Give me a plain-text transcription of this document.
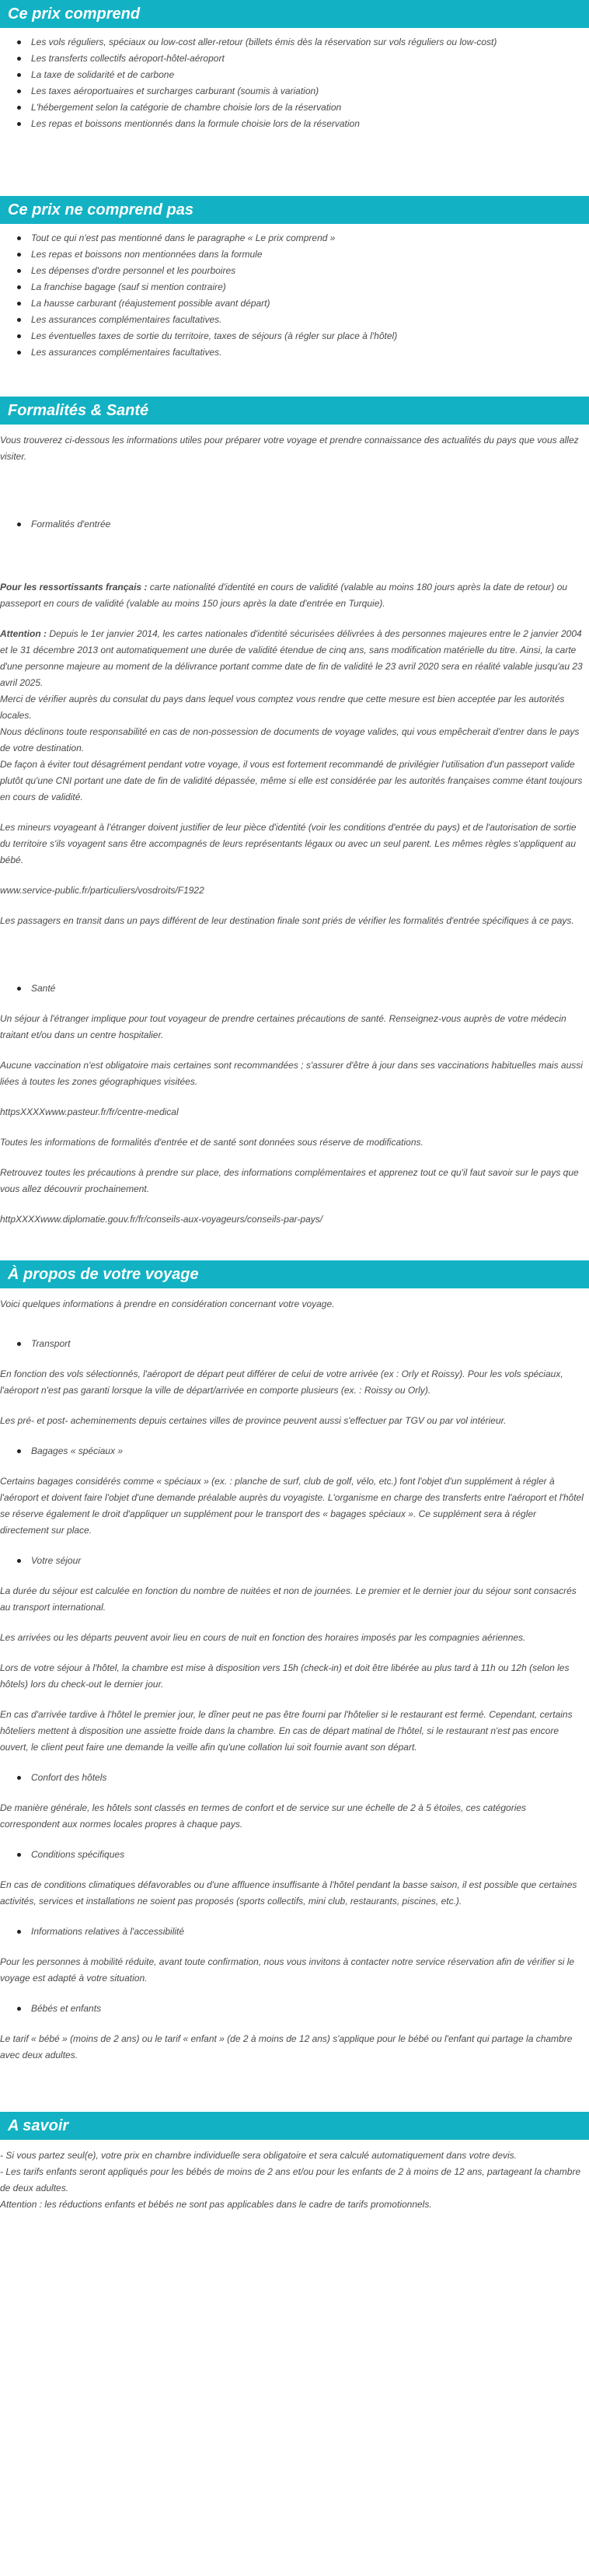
Ce prix comprend
Les vols réguliers, spéciaux ou low-cost aller-retour (billets émis dès la réservation sur vols réguliers ou low-cost)
Les transferts collectifs aéroport-hôtel-aéroport
La taxe de solidarité et de carbone
Les taxes aéroportuaires et surcharges carburant (soumis à variation)
L'hébergement selon la catégorie de chambre choisie lors de la réservation
Les repas et boissons mentionnés dans la formule choisie lors de la réservation
Ce prix ne comprend pas
Tout ce qui n'est pas mentionné dans le paragraphe « Le prix comprend »
Les repas et boissons non mentionnées dans la formule
Les dépenses d'ordre personnel et les pourboires
La franchise bagage (sauf si mention contraire)
La hausse carburant (réajustement possible avant départ)
Les assurances complémentaires facultatives.
Les éventuelles taxes de sortie du territoire, taxes de séjours (à régler sur place à l'hôtel)
Les assurances complémentaires facultatives.
Formalités & Santé

Vous trouverez ci-dessous les informations utiles pour préparer votre voyage et prendre connaissance des actualités du pays que vous allez visiter.

Formalités d'entrée

Pour les ressortissants français : carte nationalité d'identité en cours de validité (valable au moins 180 jours après la date de retour) ou passeport en cours de validité (valable au moins 150 jours après la date d'entrée en Turquie).

Attention : Depuis le 1er janvier 2014, les cartes nationales d'identité sécurisées délivrées à des personnes majeures entre le 2 janvier 2004 et le 31 décembre 2013 ont automatiquement une durée de validité étendue de cinq ans, sans modification matérielle du titre. Ainsi, la carte d'une personne majeure au moment de la délivrance portant comme date de fin de validité le 23 avril 2020 sera en réalité valable jusqu'au 23 avril 2025.
Merci de vérifier auprès du consulat du pays dans lequel vous comptez vous rendre que cette mesure est bien acceptée par les autorités locales.
Nous déclinons toute responsabilité en cas de non-possession de documents de voyage valides, qui vous empêcherait d'entrer dans le pays de votre destination.
De façon à éviter tout désagrément pendant votre voyage, il vous est fortement recommandé de privilégier l'utilisation d'un passeport valide plutôt qu'une CNI portant une date de fin de validité dépassée, même si elle est considérée par les autorités françaises comme étant toujours en cours de validité.

Les mineurs voyageant à l'étranger doivent justifier de leur pièce d'identité (voir les conditions d'entrée du pays) et de l'autorisation de sortie du territoire s'ils voyagent sans être accompagnés de leurs représentants légaux ou avec un seul parent. Les mêmes règles s'appliquent au bébé.

www.service-public.fr/particuliers/vosdroits/F1922

Les passagers en transit dans un pays différent de leur destination finale sont priés de vérifier les formalités d'entrée spécifiques à ce pays.

Santé

Un séjour à l'étranger implique pour tout voyageur de prendre certaines précautions de santé. Renseignez-vous auprès de votre médecin traitant et/ou dans un centre hospitalier.

Aucune vaccination n'est obligatoire mais certaines sont recommandées ; s'assurer d'être à jour dans ses vaccinations habituelles mais aussi liées à toutes les zones géographiques visitées.

httpsXXXXwww.pasteur.fr/fr/centre-medical

Toutes les informations de formalités d'entrée et de santé sont données sous réserve de modifications.

Retrouvez toutes les précautions à prendre sur place, des informations complémentaires et apprenez tout ce qu'il faut savoir sur le pays que vous allez découvrir prochainement.

httpXXXXwww.diplomatie.gouv.fr/fr/conseils-aux-voyageurs/conseils-par-pays/

À propos de votre voyage

Voici quelques informations à prendre en considération concernant votre voyage.

Transport

En fonction des vols sélectionnés, l'aéroport de départ peut différer de celui de votre arrivée (ex : Orly et Roissy). Pour les vols spéciaux, l'aéroport n'est pas garanti lorsque la ville de départ/arrivée en comporte plusieurs (ex. : Roissy ou Orly).

Les pré- et post- acheminements depuis certaines villes de province peuvent aussi s'effectuer par TGV ou par vol intérieur.

Bagages « spéciaux »

Certains bagages considérés comme « spéciaux » (ex. : planche de surf, club de golf, vélo, etc.) font l'objet d'un supplément à régler à l'aéroport et doivent faire l'objet d'une demande préalable auprès du voyagiste. L'organisme en charge des transferts entre l'aéroport et l'hôtel se réserve également le droit d'appliquer un supplément pour le transport des « bagages spéciaux ». Ce supplément sera à régler directement sur place.

Votre séjour

La durée du séjour est calculée en fonction du nombre de nuitées et non de journées. Le premier et le dernier jour du séjour sont consacrés au transport international.

Les arrivées ou les départs peuvent avoir lieu en cours de nuit en fonction des horaires imposés par les compagnies aériennes.

Lors de votre séjour à l'hôtel, la chambre est mise à disposition vers 15h (check-in) et doit être libérée au plus tard à 11h ou 12h (selon les hôtels) lors du check-out le dernier jour.

En cas d'arrivée tardive à l'hôtel le premier jour, le dîner peut ne pas être fourni par l'hôtelier si le restaurant est fermé. Cependant, certains hôteliers mettent à disposition une assiette froide dans la chambre. En cas de départ matinal de l'hôtel, si le restaurant n'est pas encore ouvert, le client peut faire une demande la veille afin qu'une collation lui soit fournie avant son départ.

Confort des hôtels

De manière générale, les hôtels sont classés en termes de confort et de service sur une échelle de 2 à 5 étoiles, ces catégories correspondent aux normes locales propres à chaque pays.

Conditions spécifiques

En cas de conditions climatiques défavorables ou d'une affluence insuffisante à l'hôtel pendant la basse saison, il est possible que certaines activités, services et installations ne soient pas proposés (sports collectifs, mini club, restaurants, piscines, etc.).

Informations relatives à l'accessibilité

Pour les personnes à mobilité réduite, avant toute confirmation, nous vous invitons à contacter notre service réservation afin de vérifier si le voyage est adapté à votre situation.

Bébés et enfants

Le tarif « bébé » (moins de 2 ans) ou le tarif « enfant » (de 2 à moins de 12 ans) s'applique pour le bébé ou l'enfant qui partage la chambre avec deux adultes.

A savoir

- Si vous partez seul(e), votre prix en chambre individuelle sera obligatoire et sera calculé automatiquement dans votre devis.
- Les tarifs enfants seront appliqués pour les bébés de moins de 2 ans et/ou pour les enfants de 2 à moins de 12 ans, partageant la chambre de deux adultes.
Attention : les réductions enfants et bébés ne sont pas applicables dans le cadre de tarifs promotionnels.
